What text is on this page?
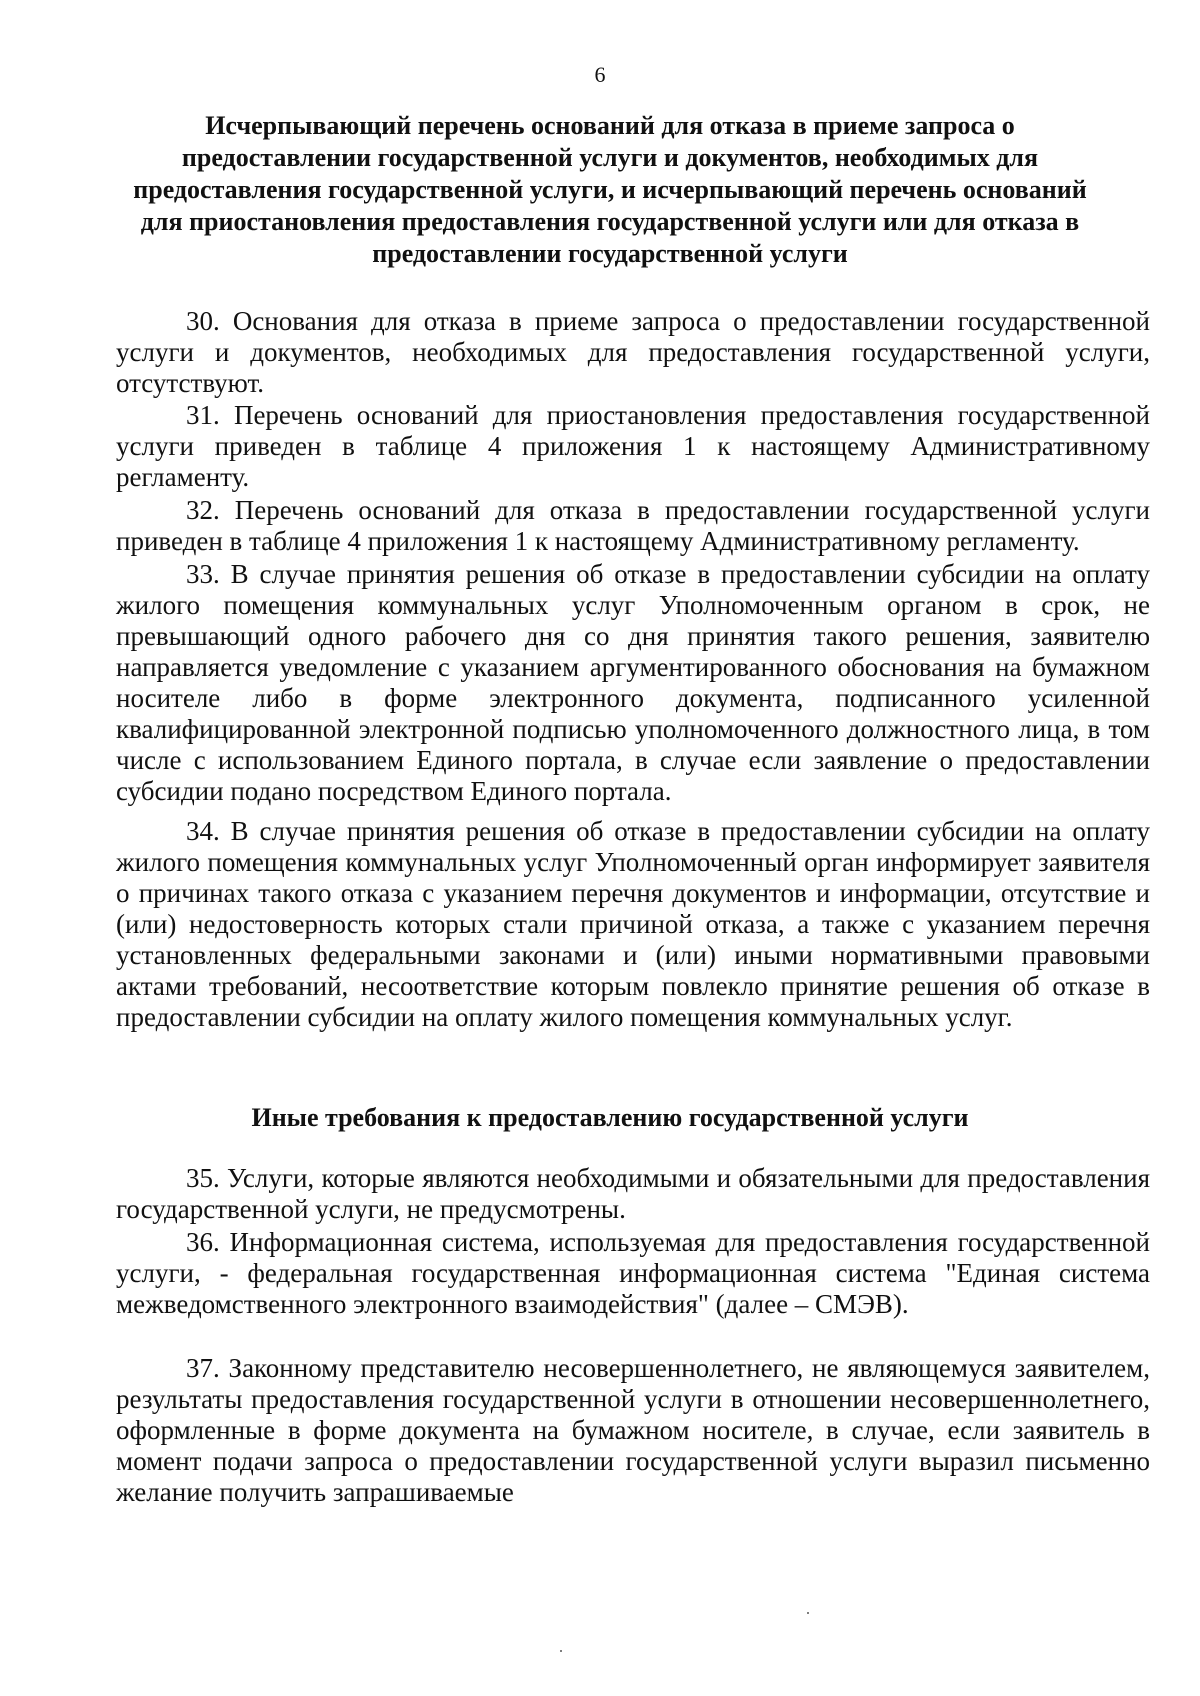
6
Исчерпывающий перечень оснований для отказа в приеме запроса о предоставлении государственной услуги и документов, необходимых для предоставления государственной услуги, и исчерпывающий перечень оснований для приостановления предоставления государственной услуги или для отказа в предоставлении государственной услуги

30. Основания для отказа в приеме запроса о предоставлении государственной услуги и документов, необходимых для предоставления государственной услуги, отсутствуют.

31. Перечень оснований для приостановления предоставления государственной услуги приведен в таблице 4 приложения 1 к настоящему Административному регламенту.

32. Перечень оснований для отказа в предоставлении государственной услуги приведен в таблице 4 приложения 1 к настоящему Административному регламенту.

33. В случае принятия решения об отказе в предоставлении субсидии на оплату жилого помещения коммунальных услуг Уполномоченным органом в срок, не превышающий одного рабочего дня со дня принятия такого решения, заявителю направляется уведомление с указанием аргументированного обоснования на бумажном носителе либо в форме электронного документа, подписанного усиленной квалифицированной электронной подписью уполномоченного должностного лица, в том числе с использованием Единого портала, в случае если заявление о предоставлении субсидии подано посредством Единого портала.

34. В случае принятия решения об отказе в предоставлении субсидии на оплату жилого помещения коммунальных услуг Уполномоченный орган информирует заявителя о причинах такого отказа с указанием перечня документов и информации, отсутствие и (или) недостоверность которых стали причиной отказа, а также с указанием перечня установленных федеральными законами и (или) иными нормативными правовыми актами требований, несоответствие которым повлекло принятие решения об отказе в предоставлении субсидии на оплату жилого помещения коммунальных услуг.

Иные требования к предоставлению государственной услуги

35. Услуги, которые являются необходимыми и обязательными для предоставления государственной услуги, не предусмотрены.

36. Информационная система, используемая для предоставления государственной услуги, - федеральная государственная информационная система "Единая система межведомственного электронного взаимодействия" (далее – СМЭВ).

37. Законному представителю несовершеннолетнего, не являющемуся заявителем, результаты предоставления государственной услуги в отношении несовершеннолетнего, оформленные в форме документа на бумажном носителе, в случае, если заявитель в момент подачи запроса о предоставлении государственной услуги выразил письменно желание получить запрашиваемые
